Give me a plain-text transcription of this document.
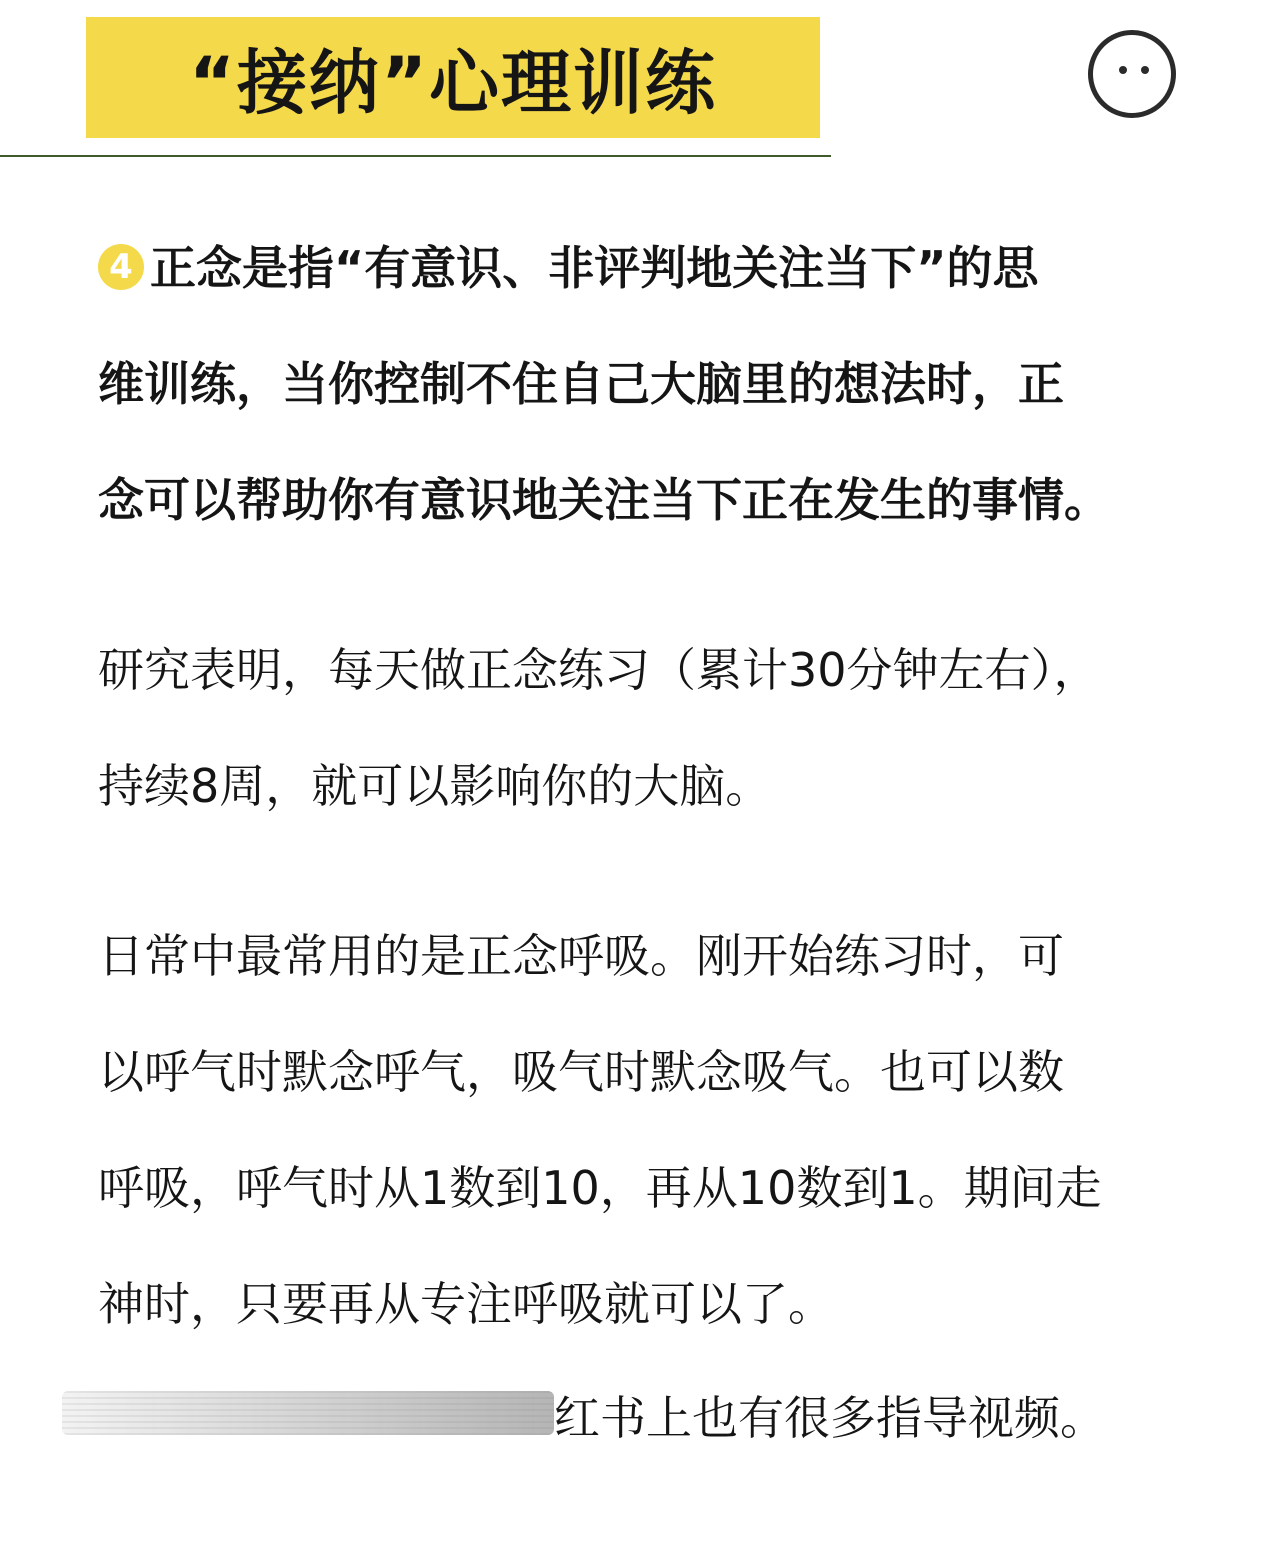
“接纳”心理训练
4 正念是指“有意识、非评判地关注当下”的思
维训练，当你控制不住自己大脑里的想法时，正
念可以帮助你有意识地关注当下正在发生的事情。
研究表明，每天做正念练习（累计30分钟左右），
持续8周，就可以影响你的大脑。
日常中最常用的是正念呼吸。刚开始练习时，可
以呼气时默念呼气，吸气时默念吸气。也可以数
呼吸，呼气时从1数到10，再从10数到1。期间走
神时，只要再从专注呼吸就可以了。
红书上也有很多指导视频。
